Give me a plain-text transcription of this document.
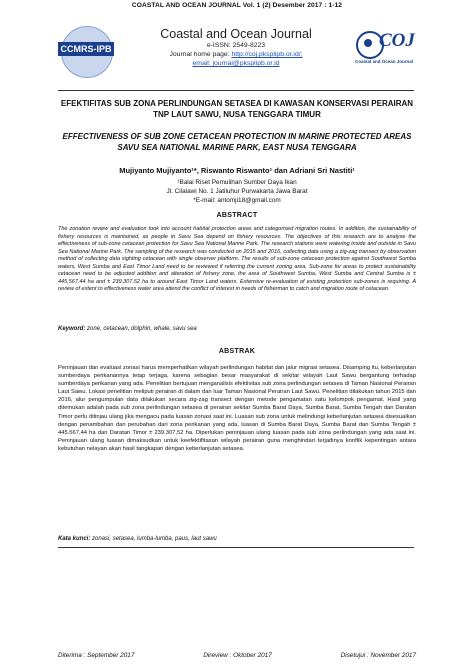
COASTAL AND OCEAN JOURNAL Vol. 1 (2) Desember 2017 : 1-12
CCMRS-IPB
Coastal and Ocean Journal
e-ISSN: 2549-8223
Journal home page: http://coj.pksplipb.or.id/;
email: journal@pksplipb.or.id
COJ
Coastal and Ocean Journal
EFEKTIFITAS SUB ZONA PERLINDUNGAN SETASEA DI KAWASAN KONSERVASI PERAIRAN TNP LAUT SAWU, NUSA TENGGARA TIMUR
EFFECTIVENESS OF SUB ZONE CETACEAN PROTECTION IN MARINE PROTECTED AREAS SAVU SEA NATIONAL MARINE PARK, EAST NUSA TENGGARA
Mujiyanto Mujiyanto¹*, Riswanto Riswanto¹ dan Adriani Sri Nastiti¹
¹Balai Riset Pemulihan Sumber Daya Ikan
Jl. Cilalawi No. 1 Jatiluhur Purwakarta Jawa Barat
*E-mail: antomji18@gmail.com
ABSTRACT
The zonation review and evaluation took into account habitat protection areas and categorised migration routes. In addition, the sustainability of fishery resources is maintained, as people in Savu Sea depend on fishery resources. The objectives of this research are to analyse the effectiveness of sub-zone cetacean protection for Savu Sea National Marine Park. The research stations were watering inside and outside in Savu Sea National Marine Park. The sampling of the research was conducted on 2015 and 2016, collecting data using a zig-zag transect by observation method of collecting data sighting cetacean with single observer platform. The results of sub-zone cetacean protection against Southwest Sumba waters, West Sumba and East Timor Land need to be reviewed if referring the current zoning area. Sub-zone for areas to protect sustainability cetacean need to be adjusted addition and alteration of fishery zone, the area of Southwest Sumba, West Sumba and Central Sumba is ± 445,567.44 ha and ± 239,307.52 ha to around East Timor Land waters. Extensive re-evaluation of existing protection sub-zones is requiring. A review of extent to effectiveness water area attend the conflict of interest in needs of fisherman to catch and migration route of cetacean.
Keyword: zone, cetacean, dolphin, whale, savu sea
ABSTRAK
Peninjauan dan evaluasi zonasi harus memperhatikan wilayah perlindungan habitat dan jalur migrasi setasea. Disamping itu, keberlanjutan sumberdaya perikanannya tetap terjaga, karena sebagian besar masyarakat di sekitar wilayah Laut Sawu bergantung terhadap sumberdaya perikanan yang ada. Penelitian bertujuan menganalisis efektivitas sub zona perlindungan setasea di Taman Nasional Perairan Laut Sawu. Lokasi penelitian meliputi perairan di dalam dan luar Taman Nasional Perairan Laut Sawu. Penelitian dilakukan tahun 2015 dan 2016, alur pengumpulan data dilakukan secara zig-zag transect dengan metode pengamatan satu kelompok pengamat. Hasil yang ditemukan adalah pada sub zona perlindungan setasea di perairan sekitar Sumba Barat Daya, Sumba Barat, Sumba Tengah dan Daratan Timor perlu ditinjau ulang jika mengacu pada luasan zonasi saat ini. Luasan sub zona untuk melindungi keberlanjutan setasea disesuaikan dengan penambahan dan perubahan dari zona perikanan yang ada, luasan di Sumba Barat Daya, Sumba Barat dan Sumba Tengah ± 445.567,44 ha dan Daratan Timor ± 239.307,52 ha. Diperlukan peninjauan ulang luasan pada sub zona perlindungan yang ada saat ini. Peninjauan ulang luasan dimaksudkan untuk keefektifitasan wilayah perairan guna menghindari terjadinya konflik kepentingan antara kebutuhan nelayan akan hasil tangkapan dengan keberlanjutan setasea.
Kata kunci: zonasi, setasea, lumba-lumba, paus, laut sawu
Diterima : September 2017	Direview : Oktober 2017	Disetujui : November 2017
